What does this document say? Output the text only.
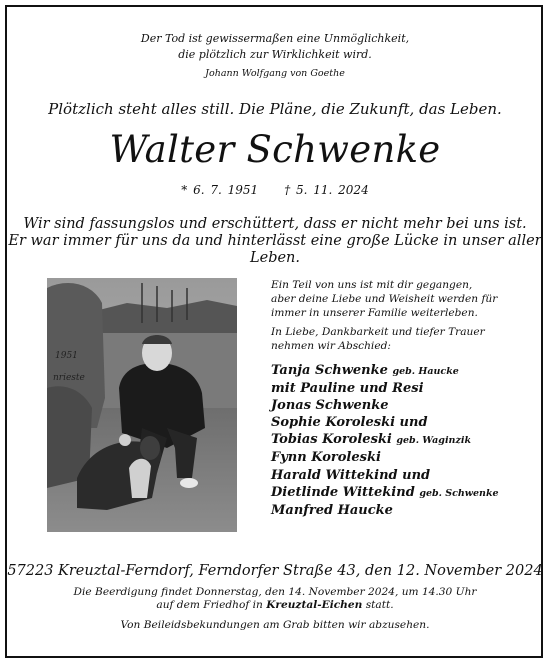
Der Tod ist gewissermaßen eine Unmöglichkeit,
die plötzlich zur Wirklichkeit wird.
Johann Wolfgang von Goethe
Plötzlich steht alles still. Die Pläne, die Zukunft, das Leben.
Walter Schwenke
* 6. 7. 1951 † 5. 11. 2024
Wir sind fassungslos und erschüttert, dass er nicht mehr bei uns ist.
Er war immer für uns da und hinterlässt eine große Lücke in unser aller Leben.
1951
nrieste
Ein Teil von uns ist mit dir gegangen,
aber deine Liebe und Weisheit werden für
immer in unserer Familie weiterleben.
In Liebe, Dankbarkeit und tiefer Trauer
nehmen wir Abschied:
Tanja Schwenke geb. Haucke
mit Pauline und Resi
Jonas Schwenke
Sophie Koroleski und
Tobias Koroleski geb. Waginzik
Fynn Koroleski
Harald Wittekind und
Dietlinde Wittekind geb. Schwenke
Manfred Haucke
57223 Kreuztal-Ferndorf, Ferndorfer Straße 43, den 12. November 2024
Die Beerdigung findet Donnerstag, den 14. November 2024, um 14.30 Uhr
auf dem Friedhof in Kreuztal-Eichen statt.
Von Beileidsbekundungen am Grab bitten wir abzusehen.
